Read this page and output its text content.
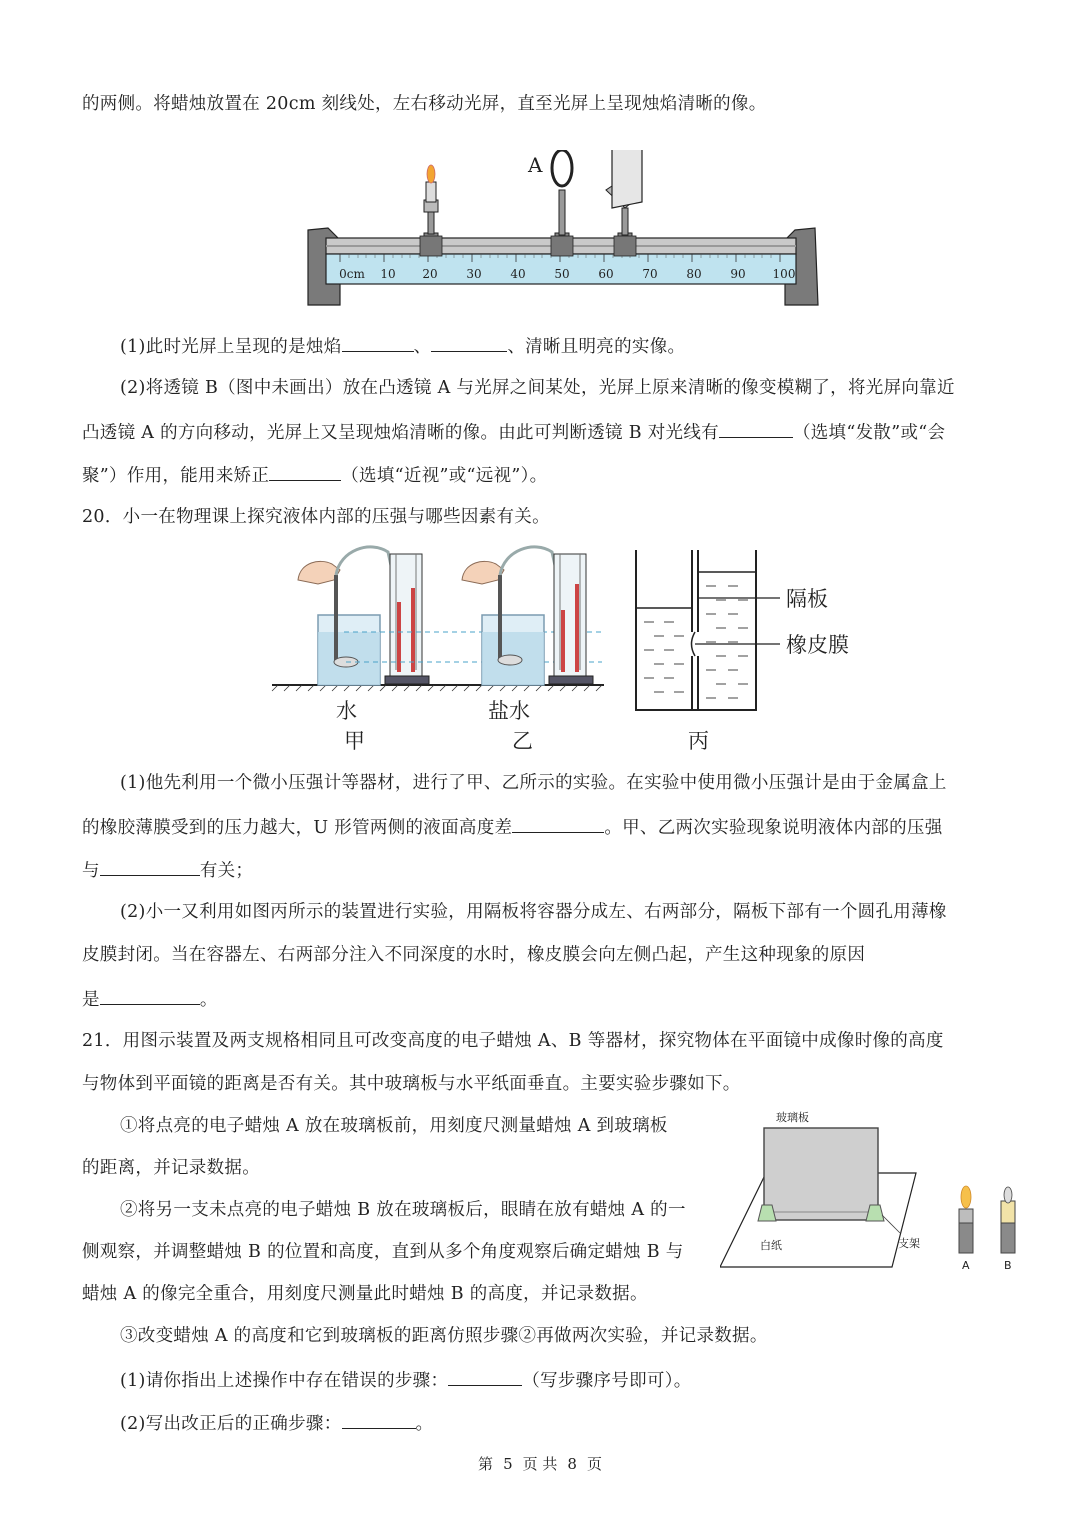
的两侧。将蜡烛放置在 20cm 刻线处，左右移动光屏，直至光屏上呈现烛焰清晰的像。
0cm 10 20 30 40 50 60 70 80 90 100
A
(1)此时光屏上呈现的是烛焰	、	、清晰且明亮的实像。
(2)将透镜 B（图中未画出）放在凸透镜 A 与光屏之间某处，光屏上原来清晰的像变模糊了，将光屏向靠近
凸透镜 A 的方向移动，光屏上又呈现烛焰清晰的像。由此可判断透镜 B 对光线有	（选填“发散”或“会
聚”）作用，能用来矫正	（选填“近视”或“远视”）。
20．小一在物理课上探究液体内部的压强与哪些因素有关。
隔板
橡皮膜
水	盐水
甲	乙	丙
(1)他先利用一个微小压强计等器材，进行了甲、乙所示的实验。在实验中使用微小压强计是由于金属盒上
的橡胶薄膜受到的压力越大，U 形管两侧的液面高度差	。甲、乙两次实验现象说明液体内部的压强
与	有关；
(2)小一又利用如图丙所示的装置进行实验，用隔板将容器分成左、右两部分，隔板下部有一个圆孔用薄橡
皮膜封闭。当在容器左、右两部分注入不同深度的水时，橡皮膜会向左侧凸起，产生这种现象的原因
是	。
21．用图示装置及两支规格相同且可改变高度的电子蜡烛 A、B 等器材，探究物体在平面镜中成像时像的高度
与物体到平面镜的距离是否有关。其中玻璃板与水平纸面垂直。主要实验步骤如下。
①将点亮的电子蜡烛 A 放在玻璃板前，用刻度尺测量蜡烛 A 到玻璃板
的距离，并记录数据。
②将另一支未点亮的电子蜡烛 B 放在玻璃板后，眼睛在放有蜡烛 A 的一
侧观察，并调整蜡烛 B 的位置和高度，直到从多个角度观察后确定蜡烛 B 与
蜡烛 A 的像完全重合，用刻度尺测量此时蜡烛 B 的高度，并记录数据。
③改变蜡烛 A 的高度和它到玻璃板的距离仿照步骤②再做两次实验，并记录数据。
(1)请你指出上述操作中存在错误的步骤：	（写步骤序号即可）。
(2)写出改正后的正确步骤：	。
玻璃板
白纸	支架
A	B
第 5 页 共 8 页
